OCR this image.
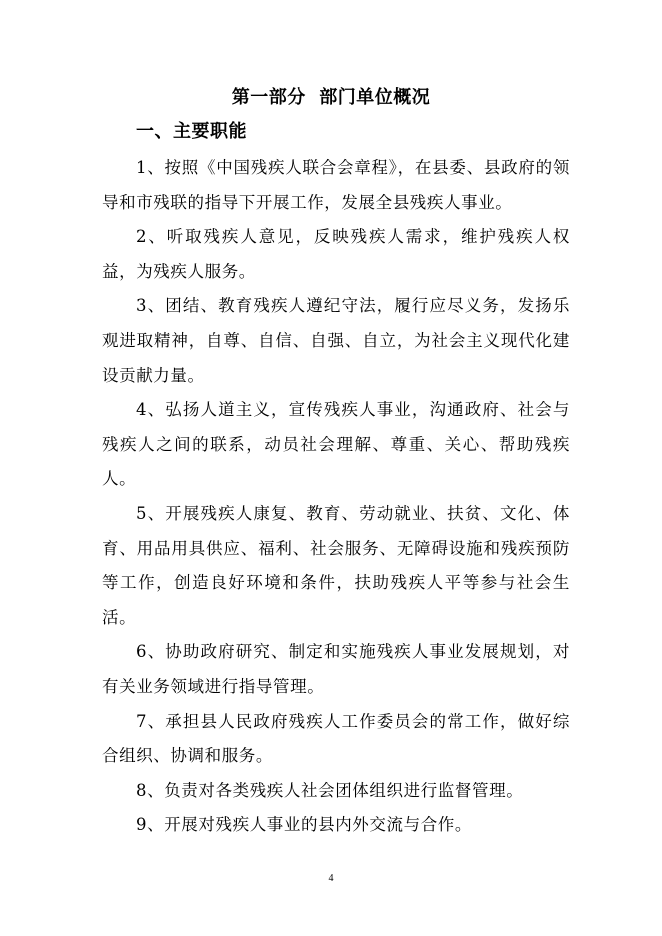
第一部分  部门单位概况
一、主要职能

1、按照《中国残疾人联合会章程》，在县委、县政府的领导和市残联的指导下开展工作，发展全县残疾人事业。

2、听取残疾人意见，反映残疾人需求，维护残疾人权益，为残疾人服务。

3、团结、教育残疾人遵纪守法，履行应尽义务，发扬乐观进取精神，自尊、自信、自强、自立，为社会主义现代化建设贡献力量。

4、弘扬人道主义，宣传残疾人事业，沟通政府、社会与残疾人之间的联系，动员社会理解、尊重、关心、帮助残疾人。

5、开展残疾人康复、教育、劳动就业、扶贫、文化、体育、用品用具供应、福利、社会服务、无障碍设施和残疾预防等工作，创造良好环境和条件，扶助残疾人平等参与社会生活。

6、协助政府研究、制定和实施残疾人事业发展规划，对有关业务领域进行指导管理。

7、承担县人民政府残疾人工作委员会的常工作，做好综合组织、协调和服务。

8、负责对各类残疾人社会团体组织进行监督管理。

9、开展对残疾人事业的县内外交流与合作。

4
